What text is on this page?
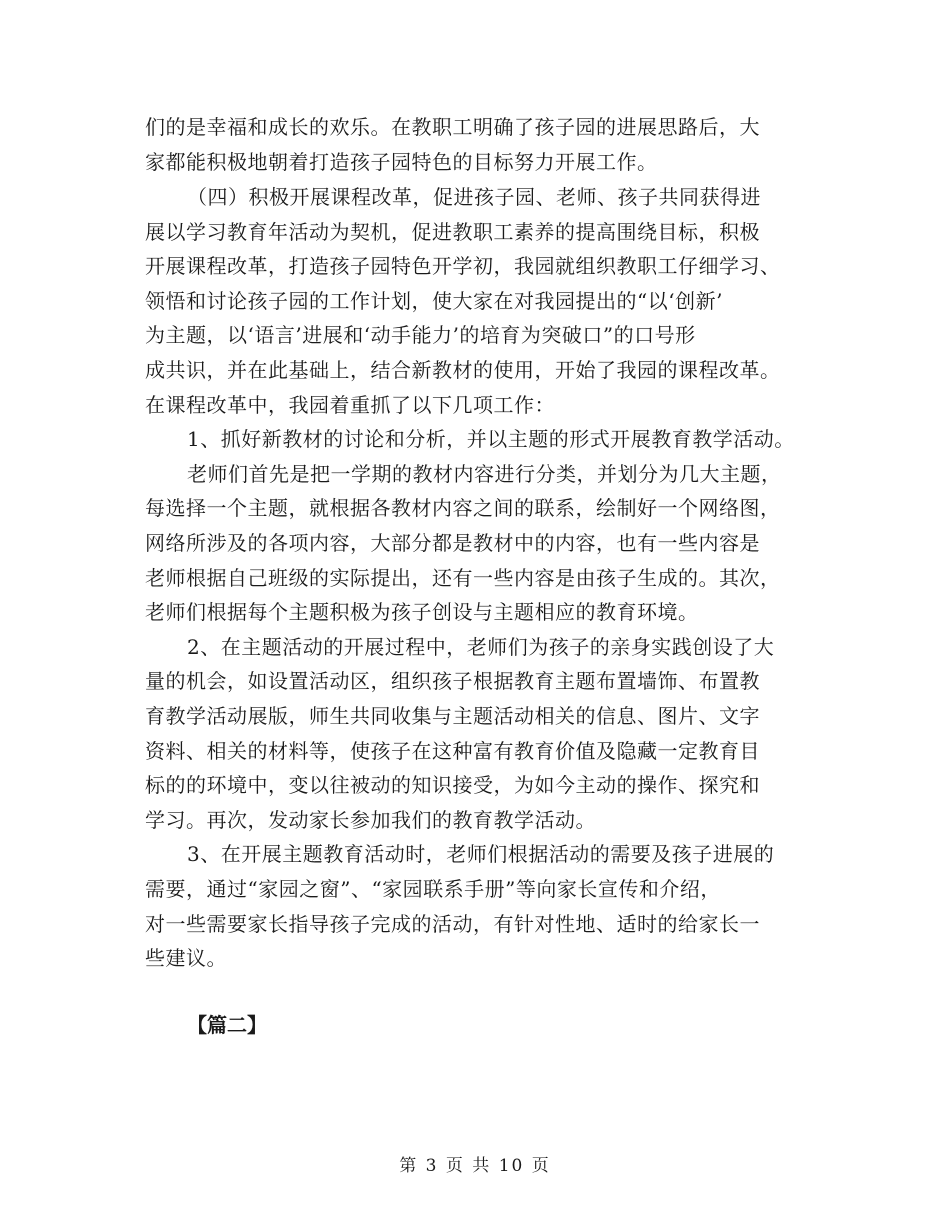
们的是幸福和成长的欢乐。在教职工明确了孩子园的进展思路后，大
家都能积极地朝着打造孩子园特色的目标努力开展工作。
（四）积极开展课程改革，促进孩子园、老师、孩子共同获得进
展以学习教育年活动为契机，促进教职工素养的提高围绕目标，积极
开展课程改革，打造孩子园特色开学初，我园就组织教职工仔细学习、
领悟和讨论孩子园的工作计划，使大家在对我园提出的“以‘创新’
为主题，以‘语言’进展和‘动手能力’的培育为突破口”的口号形
成共识，并在此基础上，结合新教材的使用，开始了我园的课程改革。
在课程改革中，我园着重抓了以下几项工作：
1、抓好新教材的讨论和分析，并以主题的形式开展教育教学活动。
老师们首先是把一学期的教材内容进行分类，并划分为几大主题，
每选择一个主题，就根据各教材内容之间的联系，绘制好一个网络图，
网络所涉及的各项内容，大部分都是教材中的内容，也有一些内容是
老师根据自己班级的实际提出，还有一些内容是由孩子生成的。其次，
老师们根据每个主题积极为孩子创设与主题相应的教育环境。
2、在主题活动的开展过程中，老师们为孩子的亲身实践创设了大
量的机会，如设置活动区，组织孩子根据教育主题布置墙饰、布置教
育教学活动展版，师生共同收集与主题活动相关的信息、图片、文字
资料、相关的材料等，使孩子在这种富有教育价值及隐藏一定教育目
标的的环境中，变以往被动的知识接受，为如今主动的操作、探究和
学习。再次，发动家长参加我们的教育教学活动。
3、在开展主题教育活动时，老师们根据活动的需要及孩子进展的
需要，通过“家园之窗”、“家园联系手册”等向家长宣传和介绍，
对一些需要家长指导孩子完成的活动，有针对性地、适时的给家长一
些建议。
【篇二】
第 3 页 共 10 页
